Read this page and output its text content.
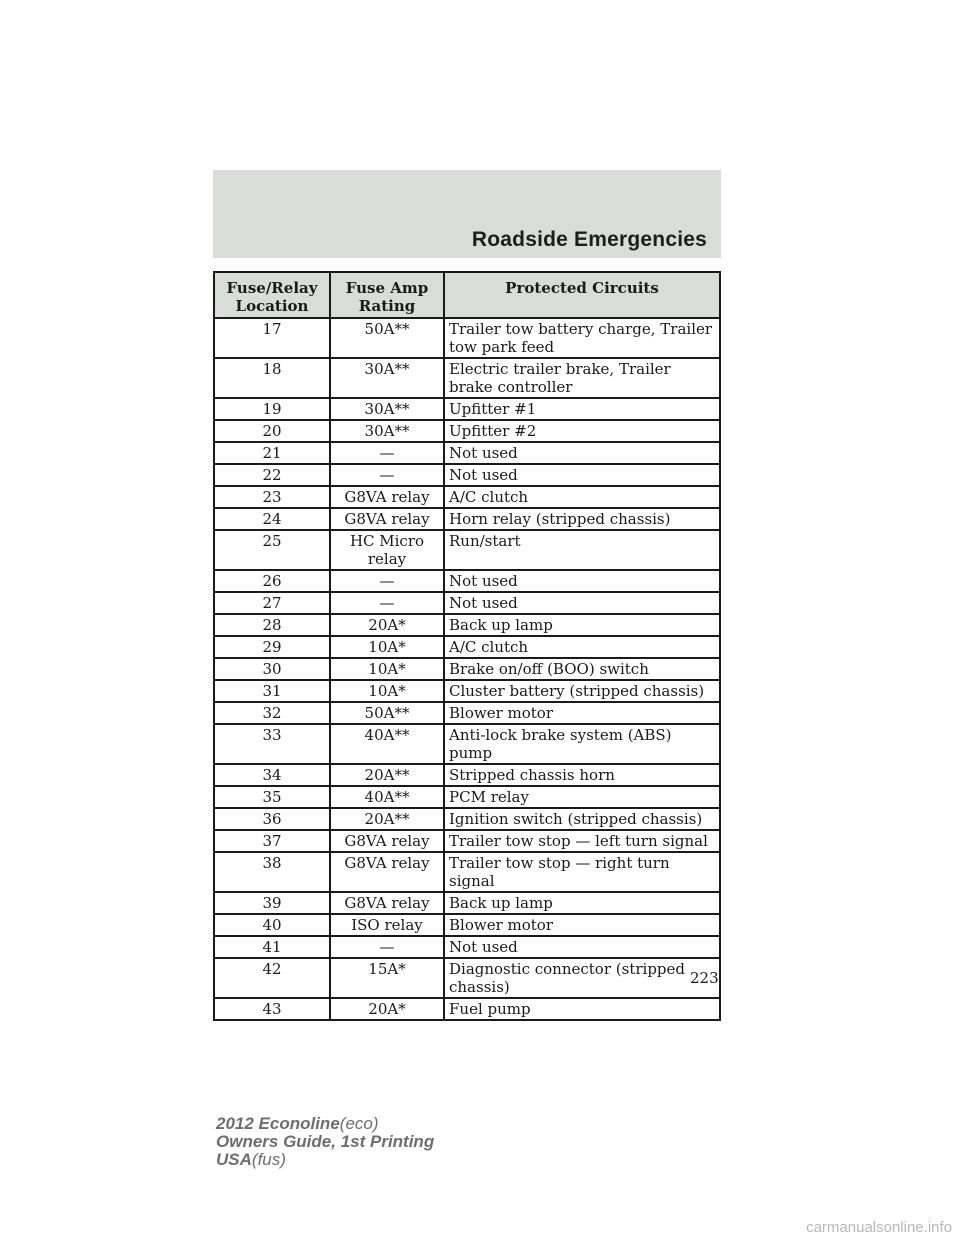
Roadside Emergencies
Fuse/Relay Location	Fuse Amp Rating	Protected Circuits
17	50A**	Trailer tow battery charge, Trailer tow park feed
18	30A**	Electric trailer brake, Trailer brake controller
19	30A**	Upfitter #1
20	30A**	Upfitter #2
21	—	Not used
22	—	Not used
23	G8VA relay	A/C clutch
24	G8VA relay	Horn relay (stripped chassis)
25	HC Micro relay	Run/start
26	—	Not used
27	—	Not used
28	20A*	Back up lamp
29	10A*	A/C clutch
30	10A*	Brake on/off (BOO) switch
31	10A*	Cluster battery (stripped chassis)
32	50A**	Blower motor
33	40A**	Anti-lock brake system (ABS) pump
34	20A**	Stripped chassis horn
35	40A**	PCM relay
36	20A**	Ignition switch (stripped chassis)
37	G8VA relay	Trailer tow stop — left turn signal
38	G8VA relay	Trailer tow stop — right turn signal
39	G8VA relay	Back up lamp
40	ISO relay	Blower motor
41	—	Not used
42	15A*	Diagnostic connector (stripped chassis)
43	20A*	Fuel pump
223
2012 Econoline(eco)
Owners Guide, 1st Printing
USA(fus)
carmanualsonline.info
